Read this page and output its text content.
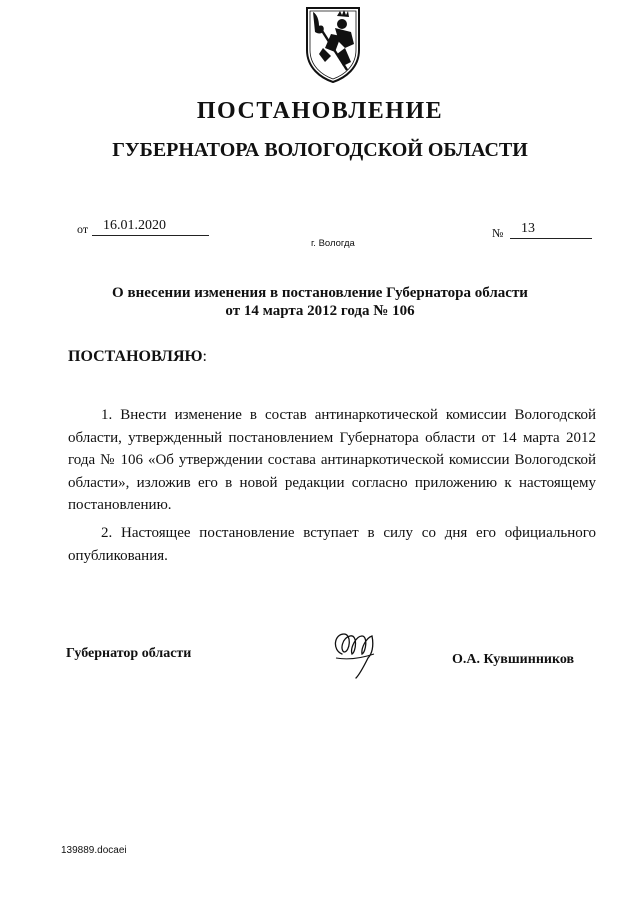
ПОСТАНОВЛЕНИЕ
ГУБЕРНАТОРА ВОЛОГОДСКОЙ ОБЛАСТИ
от	16.01.2020	№	13
г. Вологда
О внесении изменения в постановление Губернатора области
от 14 марта 2012 года № 106
ПОСТАНОВЛЯЮ:

1. Внести изменение в состав антинаркотической комиссии Вологодской области, утвержденный постановлением Губернатора области от 14 марта 2012 года № 106 «Об утверждении состава антинаркотической комиссии Вологодской области», изложив его в новой редакции согласно приложению к настоящему постановлению.

2. Настоящее постановление вступает в силу со дня его официального опубликования.

Губернатор области	О.А. Кувшинников
139889.docaei
